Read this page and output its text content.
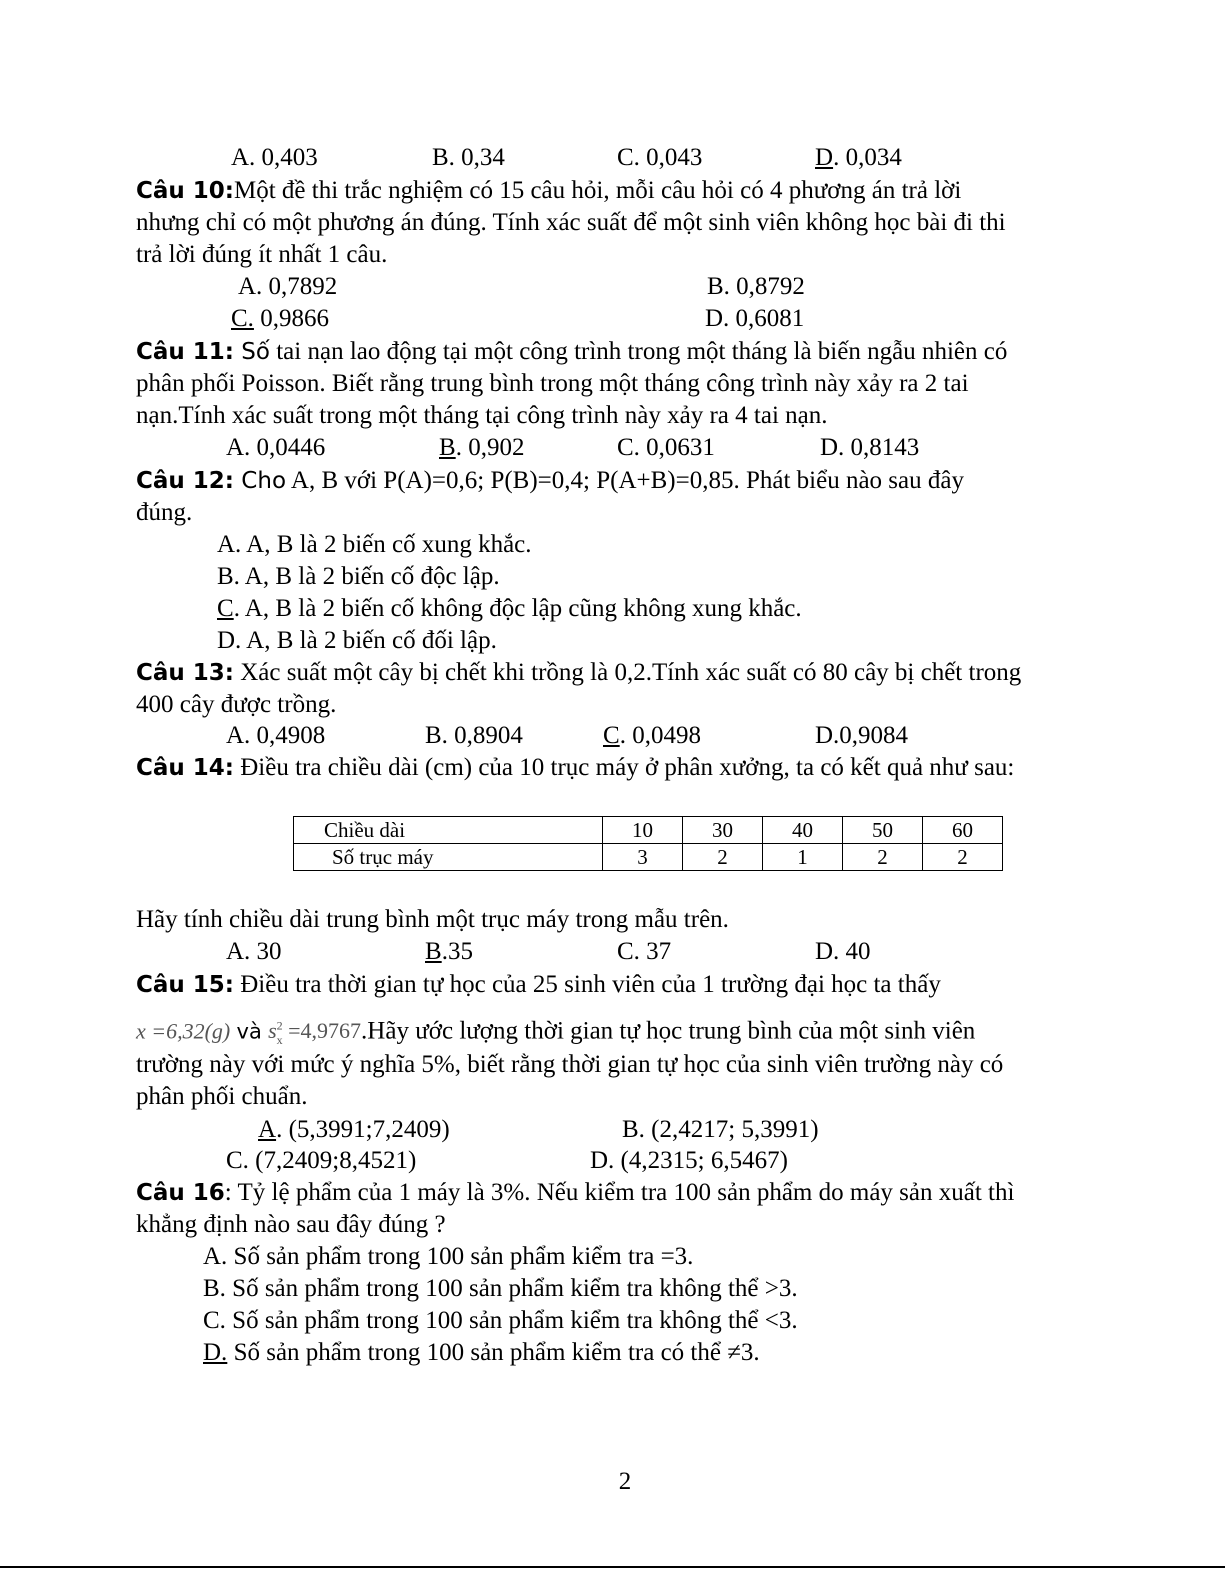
A. 0,403	B. 0,34	C. 0,043	D. 0,034
Câu 10:Một đề thi trắc nghiệm có 15 câu hỏi, mỗi câu hỏi có 4 phương án trả lời
nhưng chỉ có một phương án đúng. Tính xác suất để một sinh viên không học bài đi thi
trả lời đúng ít nhất 1 câu.
A. 0,7892	B. 0,8792
C. 0,9866	D. 0,6081
Câu 11: Số tai nạn lao động tại một công trình trong một tháng là biến ngẫu nhiên có
phân phối Poisson. Biết rằng trung bình trong một tháng công trình này xảy ra 2 tai
nạn.Tính xác suất trong một tháng tại công trình này xảy ra 4 tai nạn.
A. 0,0446	B. 0,902	C. 0,0631	D. 0,8143
Câu 12: Cho A, B với P(A)=0,6; P(B)=0,4; P(A+B)=0,85. Phát biểu nào sau đây
đúng.
A. A, B là 2 biến cố xung khắc.
B. A, B là 2 biến cố độc lập.
C. A, B là 2 biến cố không độc lập cũng không xung khắc.
D. A, B là 2 biến cố đối lập.
Câu 13: Xác suất một cây bị chết khi trồng là 0,2.Tính xác suất có 80 cây bị chết trong
400 cây được trồng.
A. 0,4908	B. 0,8904	C. 0,0498	D.0,9084
Câu 14: Điều tra chiều dài (cm) của 10 trục máy ở phân xưởng, ta có kết quả như sau:
Chiều dài	10	30	40	50	60
Số trục máy	3	2	1	2	2
Hãy tính chiều dài trung bình một trục máy trong mẫu trên.
A. 30	B.35	C. 37	D. 40
Câu 15: Điều tra thời gian tự học của 25 sinh viên của 1 trường đại học ta thấy
x =6,32(g) và $s^2_x$ =4,9767.Hãy ước lượng thời gian tự học trung bình của một sinh viên
trường này với mức ý nghĩa 5%, biết rằng thời gian tự học của sinh viên trường này có
phân phối chuẩn.
A. (5,3991;7,2409)	B. (2,4217; 5,3991)
C. (7,2409;8,4521)	D. (4,2315; 6,5467)
Câu 16: Tỷ lệ phẩm của 1 máy là 3%. Nếu kiểm tra 100 sản phẩm do máy sản xuất thì
khẳng định nào sau đây đúng ?
A. Số sản phẩm trong 100 sản phẩm kiểm tra =3.
B. Số sản phẩm trong 100 sản phẩm kiểm tra không thể >3.
C. Số sản phẩm trong 100 sản phẩm kiểm tra không thể <3.
D. Số sản phẩm trong 100 sản phẩm kiểm tra có thể ≠3.
2
